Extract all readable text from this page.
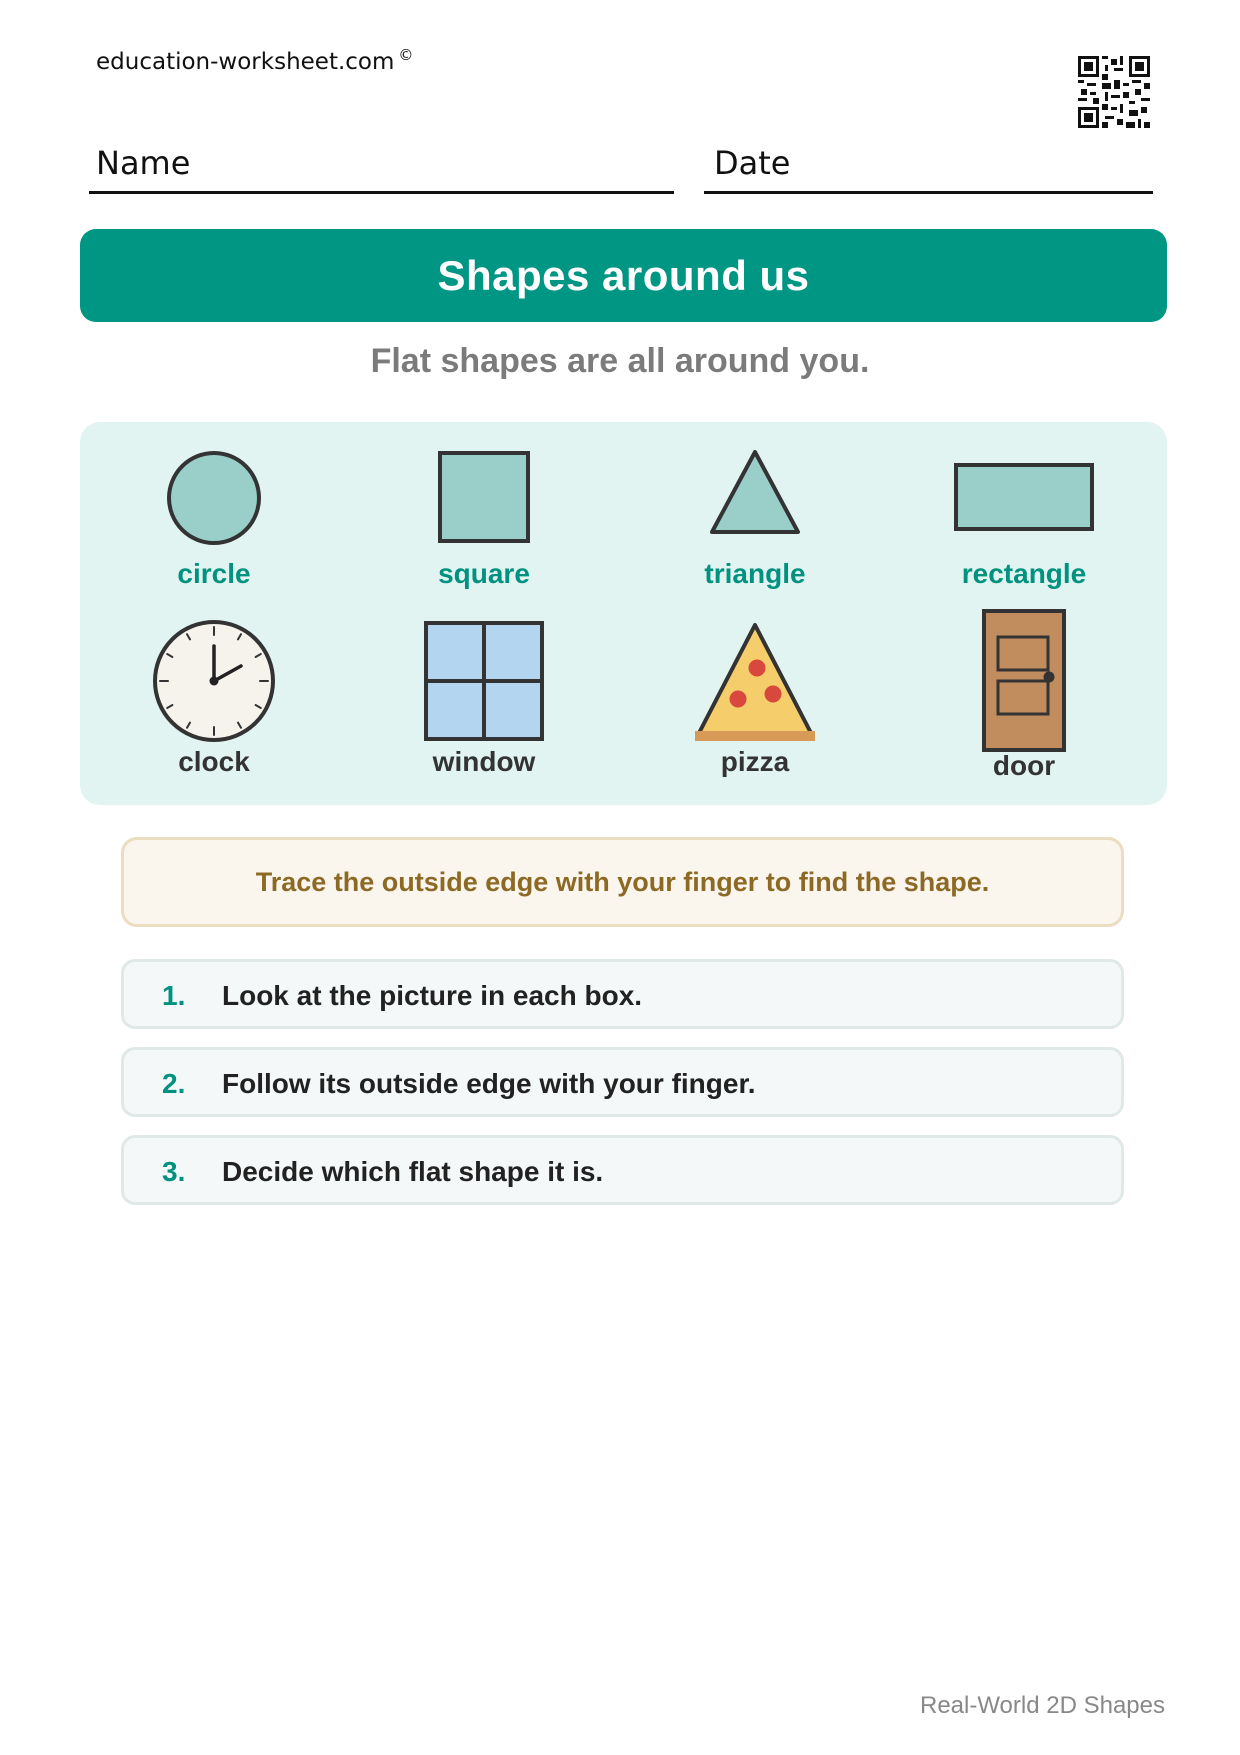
education-worksheet.com ©
Name	Date
Shapes around us
Flat shapes are all around you.
circle	square	triangle	rectangle
clock	window	pizza	door
Trace the outside edge with your finger to find the shape.
1. Look at the picture in each box.
2. Follow its outside edge with your finger.
3. Decide which flat shape it is.
Real-World 2D Shapes
